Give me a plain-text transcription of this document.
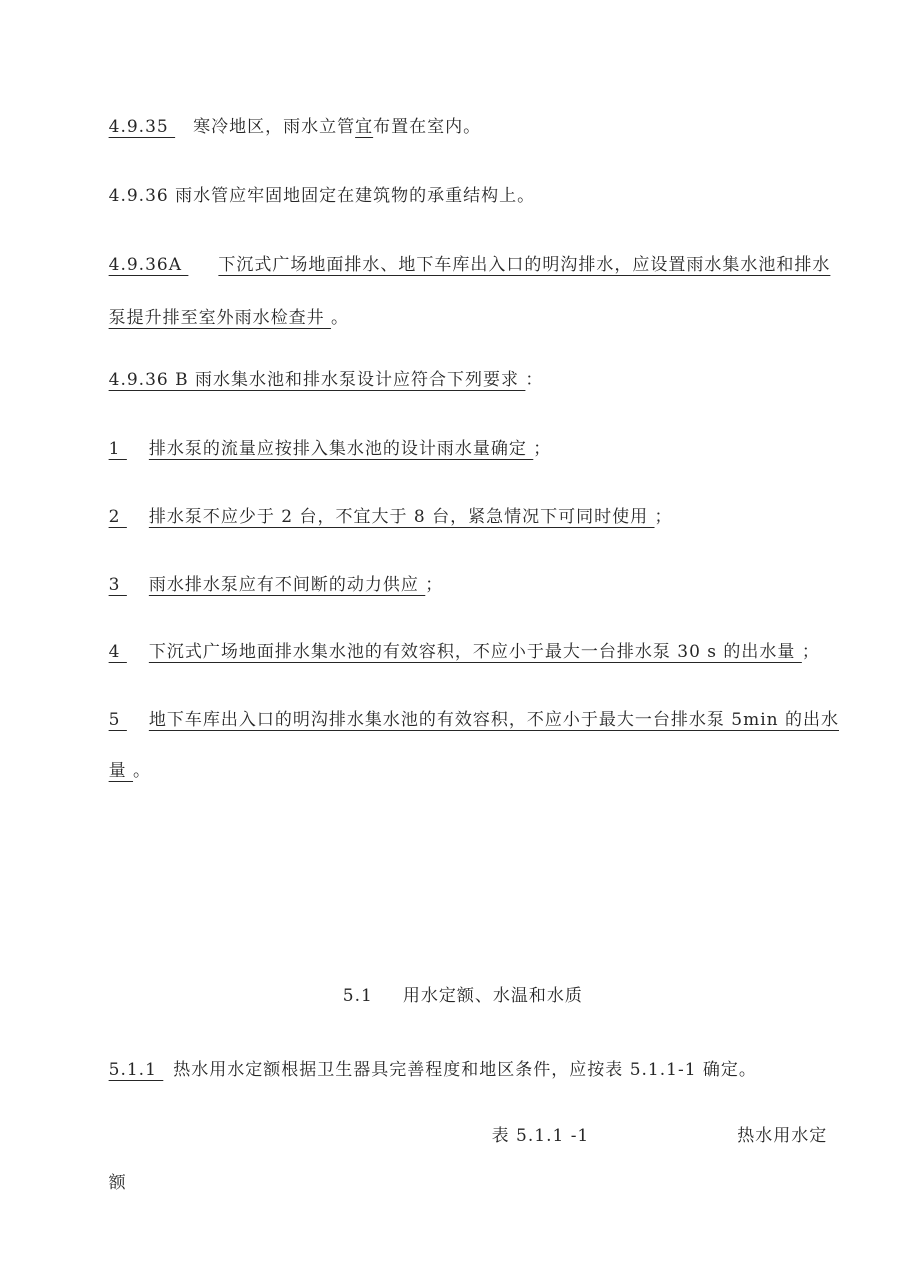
4.9.35 寒冷地区，雨水立管宜布置在室内。

4.9.36 雨水管应牢固地固定在建筑物的承重结构上。

4.9.36A 下沉式广场地面排水、地下车库出入口的明沟排水，应设置雨水集水池和排水

泵提升排至室外雨水检查井 。

4.9.36 B 雨水集水池和排水泵设计应符合下列要求 ：

1 排水泵的流量应按排入集水池的设计雨水量确定 ；

2 排水泵不应少于 2 台，不宜大于 8 台，紧急情况下可同时使用 ；

3 雨水排水泵应有不间断的动力供应 ；

4 下沉式广场地面排水集水池的有效容积，不应小于最大一台排水泵 30 s 的出水量 ；

5 地下车库出入口的明沟排水集水池的有效容积，不应小于最大一台排水泵 5min 的出水

量 。

5.1 用水定额、水温和水质

5.1.1 热水用水定额根据卫生器具完善程度和地区条件，应按表 5.1.1-1 确定。

表 5.1.1 -1	热水用水定

额
